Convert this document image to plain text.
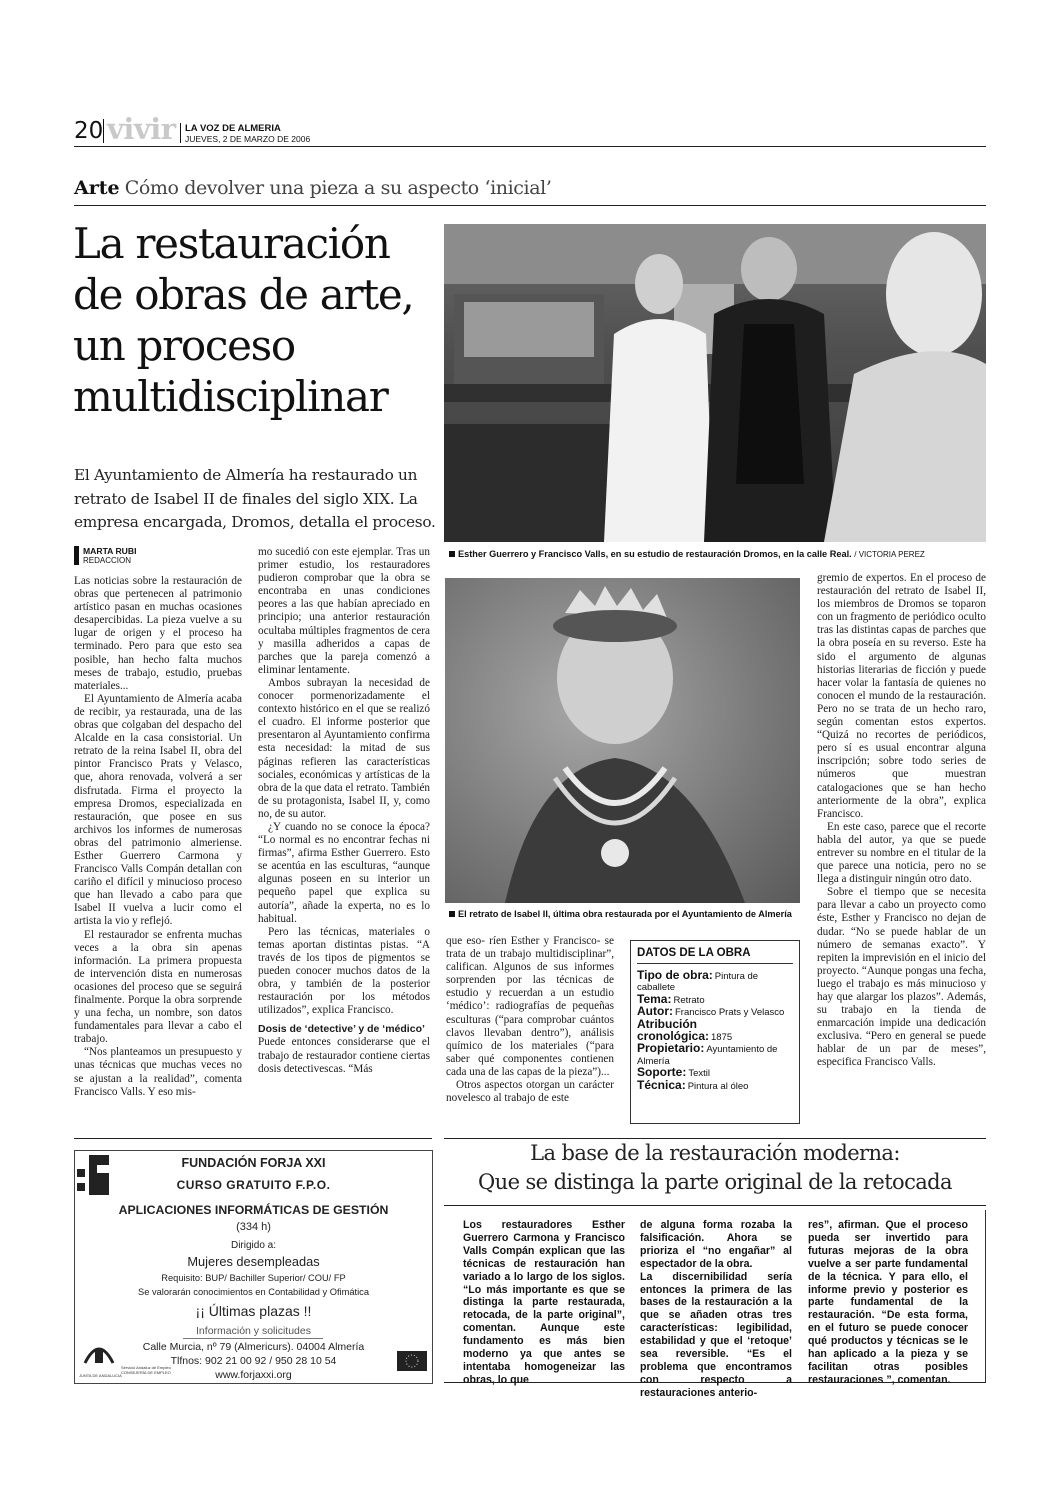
20 vivir LA VOZ DE ALMERIA
JUEVES, 2 DE MARZO DE 2006
Arte Cómo devolver una pieza a su aspecto ‘inicial’
La restauración
de obras de arte,
un proceso
multidisciplinar
El Ayuntamiento de Almería ha restaurado un
retrato de Isabel II de finales del siglo XIX. La
empresa encargada, Dromos, detalla el proceso.
Esther Guerrero y Francisco Valls, en su estudio de restauración Dromos, en la calle Real. / VICTORIA PEREZ
El retrato de Isabel II, última obra restaurada por el Ayuntamiento de Almería
MARTA RUBI
REDACCION

Las noticias sobre la restauración de obras que pertenecen al patrimonio artístico pasan en muchas ocasiones desapercibidas. La pieza vuelve a su lugar de origen y el proceso ha terminado. Pero para que esto sea posible, han hecho falta muchos meses de trabajo, estudio, pruebas materiales...

El Ayuntamiento de Almería acaba de recibir, ya restaurada, una de las obras que colgaban del despacho del Alcalde en la casa consistorial. Un retrato de la reina Isabel II, obra del pintor Francisco Prats y Velasco, que, ahora renovada, volverá a ser disfrutada. Firma el proyecto la empresa Dromos, especializada en restauración, que posee en sus archivos los informes de numerosas obras del patrimonio almeriense. Esther Guerrero Carmona y Francisco Valls Compán detallan con cariño el difícil y minucioso proceso que han llevado a cabo para que Isabel II vuelva a lucir como el artista la vio y reflejó.

El restaurador se enfrenta muchas veces a la obra sin apenas información. La primera propuesta de intervención dista en numerosas ocasiones del proceso que se seguirá finalmente. Porque la obra sorprende y una fecha, un nombre, son datos fundamentales para llevar a cabo el trabajo.

“Nos planteamos un presupuesto y unas técnicas que muchas veces no se ajustan a la realidad”, comenta Francisco Valls. Y eso mis-

mo sucedió con este ejemplar. Tras un primer estudio, los restauradores pudieron comprobar que la obra se encontraba en unas condiciones peores a las que habían apreciado en principio; una anterior restauración ocultaba múltiples fragmentos de cera y masilla adheridos a capas de parches que la pareja comenzó a eliminar lentamente.

Ambos subrayan la necesidad de conocer pormenorizadamente el contexto histórico en el que se realizó el cuadro. El informe posterior que presentaron al Ayuntamiento confirma esta necesidad: la mitad de sus páginas refieren las características sociales, económicas y artísticas de la obra de la que data el retrato. También de su protagonista, Isabel II, y, como no, de su autor.

¿Y cuando no se conoce la época? “Lo normal es no encontrar fechas ni firmas”, afirma Esther Guerrero. Esto se acentúa en las esculturas, “aunque algunas poseen en su interior un pequeño papel que explica su autoría”, añade la experta, no es lo habitual.

Pero las técnicas, materiales o temas aportan distintas pistas. “A través de los tipos de pigmentos se pueden conocer muchos datos de la obra, y también de la posterior restauración por los métodos utilizados”, explica Francisco.

Dosis de ‘detective’ y de ‘médico’

Puede entonces considerarse que el trabajo de restaurador contiene ciertas dosis detectivescas. “Más

que eso- ríen Esther y Francisco- se trata de un trabajo multidisciplinar”, califican. Algunos de sus informes sorprenden por las técnicas de estudio y recuerdan a un estudio ‘médico’: radiografías de pequeñas esculturas (“para comprobar cuántos clavos llevaban dentro”), análisis químico de los materiales (“para saber qué componentes contienen cada una de las capas de la pieza”)...

Otros aspectos otorgan un carácter novelesco al trabajo de este

DATOS DE LA OBRA
Tipo de obra: Pintura de caballete
Tema: Retrato
Autor: Francisco Prats y Velasco
Atribución cronológica: 1875
Propietario: Ayuntamiento de Almería
Soporte: Textil
Técnica: Pintura al óleo

gremio de expertos. En el proceso de restauración del retrato de Isabel II, los miembros de Dromos se toparon con un fragmento de periódico oculto tras las distintas capas de parches que la obra poseía en su reverso. Este ha sido el argumento de algunas historias literarias de ficción y puede hacer volar la fantasía de quienes no conocen el mundo de la restauración. Pero no se trata de un hecho raro, según comentan estos expertos. “Quizá no recortes de periódicos, pero sí es usual encontrar alguna inscripción; sobre todo series de números que muestran catalogaciones que se han hecho anteriormente de la obra”, explica Francisco.

En este caso, parece que el recorte habla del autor, ya que se puede entrever su nombre en el titular de la que parece una noticia, pero no se llega a distinguir ningún otro dato.

Sobre el tiempo que se necesita para llevar a cabo un proyecto como éste, Esther y Francisco no dejan de dudar. “No se puede hablar de un número de semanas exacto”. Y repiten la imprevisión en el inicio del proyecto. “Aunque pongas una fecha, luego el trabajo es más minucioso y hay que alargar los plazos”. Además, su trabajo en la tienda de enmarcación impide una dedicación exclusiva. “Pero en general se puede hablar de un par de meses”, especifica Francisco Valls.

FUNDACIÓN FORJA XXI
CURSO GRATUITO F.P.O.
APLICACIONES INFORMÁTICAS DE GESTIÓN
(334 h)
Dirigido a:
Mujeres desempleadas
Requisito: BUP/ Bachiller Superior/ COU/ FP
Se valorarán conocimientos en Contabilidad y Ofimática
¡¡ Últimas plazas !!
Información y solicitudes
Calle Murcia, nº 79 (Almericurs). 04004 Almería
Tlfnos: 902 21 00 92 / 950 28 10 54
www.forjaxxi.org
JUNTA DE ANDALUCIA
Servicio Andaluz de Empleo CONSEJERÍA DE EMPLEO
La base de la restauración moderna:
Que se distinga la parte original de la retocada

Los restauradores Esther Guerrero Carmona y Francisco Valls Compán explican que las técnicas de restauración han variado a lo largo de los siglos. “Lo más importante es que se distinga la parte restaurada, retocada, de la parte original”, comentan. Aunque este fundamento es más bien moderno ya que antes se intentaba homogeneizar las obras, lo que

de alguna forma rozaba la falsificación. Ahora se prioriza el “no engañar” al espectador de la obra.

La discernibilidad sería entonces la primera de las bases de la restauración a la que se añaden otras tres características: legibilidad, estabilidad y que el ‘retoque’ sea reversible. “Es el problema que encontramos con respecto a restauraciones anterio-

res”, afirman. Que el proceso pueda ser invertido para futuras mejoras de la obra vuelve a ser parte fundamental de la técnica. Y para ello, el informe previo y posterior es parte fundamental de la restauración. “De esta forma, en el futuro se puede conocer qué productos y técnicas se le han aplicado a la pieza y se facilitan otras posibles restauraciones ”, comentan.
